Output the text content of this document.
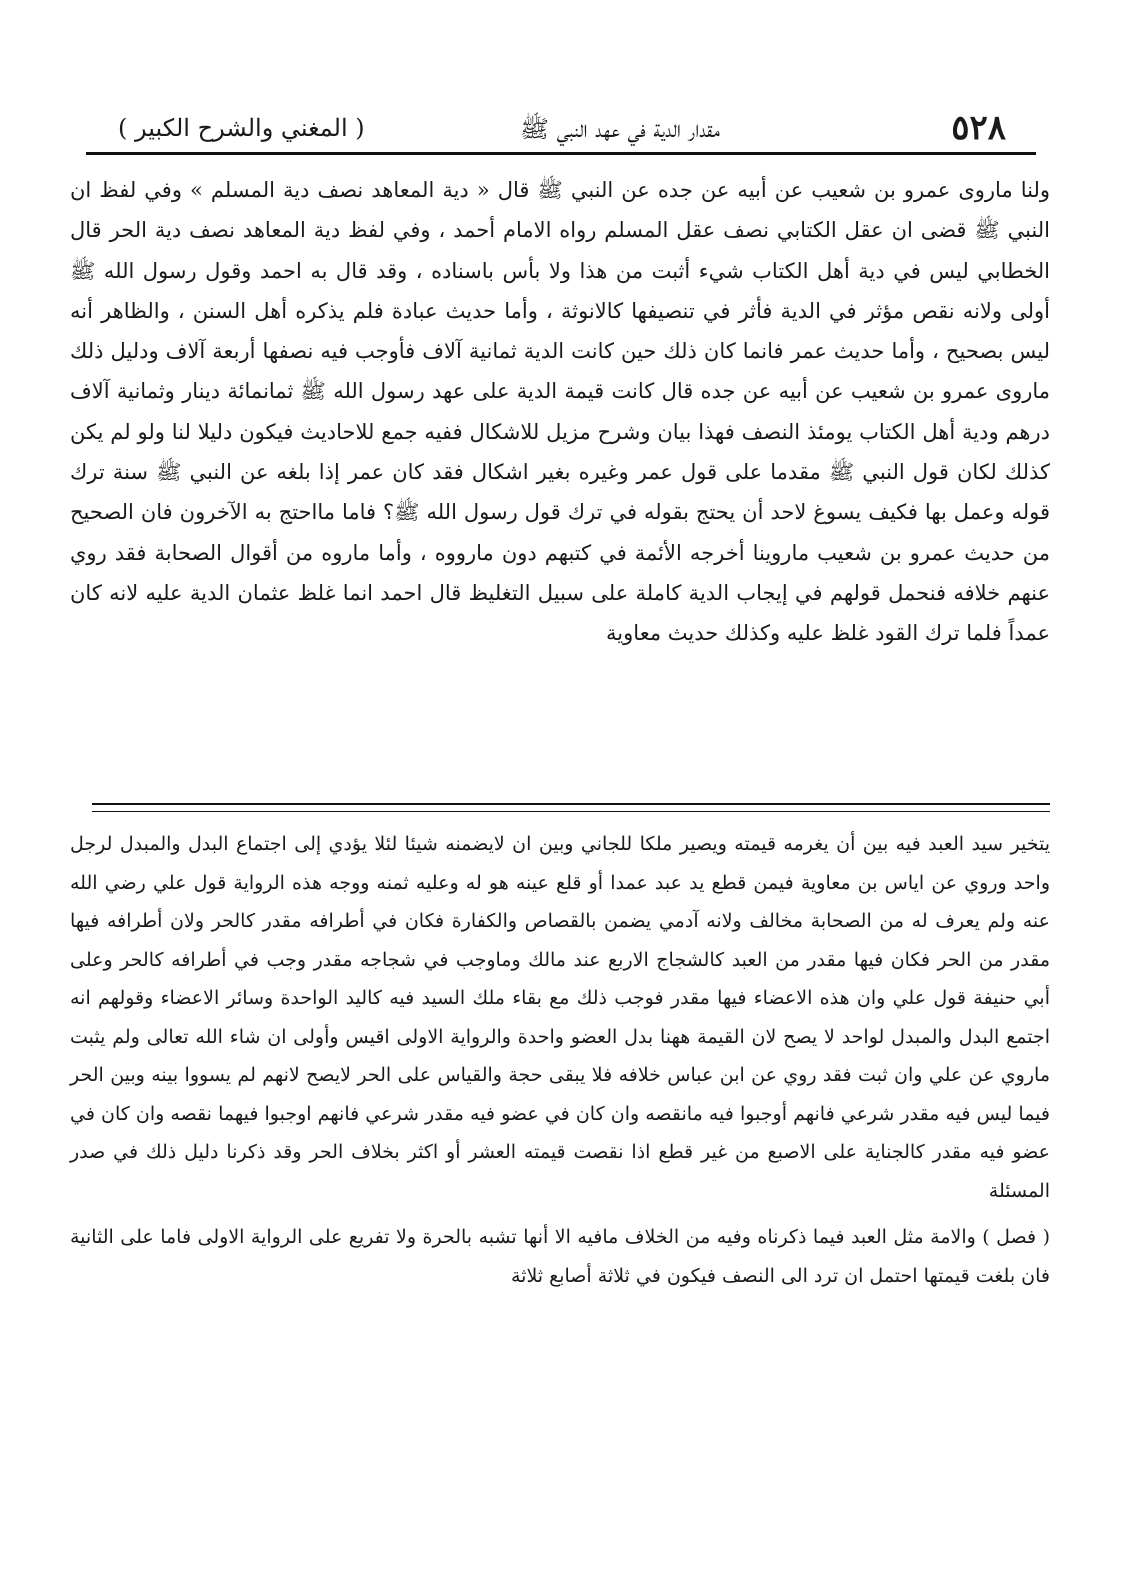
٥٢٨
مقدار الدية في عهد النبي ﷺ
( المغني والشرح الكبير )

ولنا ماروى عمرو بن شعيب عن أبيه عن جده عن النبي ﷺ قال « دية المعاهد نصف دية المسلم » وفي لفظ ان النبي ﷺ قضى ان عقل الكتابي نصف عقل المسلم رواه الامام أحمد ، وفي لفظ دية المعاهد نصف دية الحر قال الخطابي ليس في دية أهل الكتاب شيء أثبت من هذا ولا بأس باسناده ، وقد قال به احمد وقول رسول الله ﷺ أولى ولانه نقص مؤثر في الدية فأثر في تنصيفها كالانوثة ، وأما حديث عبادة فلم يذكره أهل السنن ، والظاهر أنه ليس بصحيح ، وأما حديث عمر فانما كان ذلك حين كانت الدية ثمانية آلاف فأوجب فيه نصفها أربعة آلاف ودليل ذلك ماروى عمرو بن شعيب عن أبيه عن جده قال كانت قيمة الدية على عهد رسول الله ﷺ ثمانمائة دينار وثمانية آلاف درهم ودية أهل الكتاب يومئذ النصف فهذا بيان وشرح مزيل للاشكال ففيه جمع للاحاديث فيكون دليلا لنا ولو لم يكن كذلك لكان قول النبي ﷺ مقدما على قول عمر وغيره بغير اشكال فقد كان عمر إذا بلغه عن النبي ﷺ سنة ترك قوله وعمل بها فكيف يسوغ لاحد أن يحتج بقوله في ترك قول رسول الله ﷺ؟ فاما مااحتج به الآخرون فان الصحيح من حديث عمرو بن شعيب ماروينا أخرجه الأئمة في كتبهم دون مارووه ، وأما ماروه من أقوال الصحابة فقد روي عنهم خلافه فنحمل قولهم في إيجاب الدية كاملة على سبيل التغليظ قال احمد انما غلظ عثمان الدية عليه لانه كان عمداً فلما ترك القود غلظ عليه وكذلك حديث معاوية

يتخير سيد العبد فيه بين أن يغرمه قيمته ويصير ملكا للجاني وبين ان لايضمنه شيئا لئلا يؤدي إلى اجتماع البدل والمبدل لرجل واحد وروي عن اياس بن معاوية فيمن قطع يد عبد عمدا أو قلع عينه هو له وعليه ثمنه ووجه هذه الرواية قول علي رضي الله عنه ولم يعرف له من الصحابة مخالف ولانه آدمي يضمن بالقصاص والكفارة فكان في أطرافه مقدر كالحر ولان أطرافه فيها مقدر من الحر فكان فيها مقدر من العبد كالشجاج الاربع عند مالك وماوجب في شجاجه مقدر وجب في أطرافه كالحر وعلى أبي حنيفة قول علي وان هذه الاعضاء فيها مقدر فوجب ذلك مع بقاء ملك السيد فيه كاليد الواحدة وسائر الاعضاء وقولهم انه اجتمع البدل والمبدل لواحد لا يصح لان القيمة ههنا بدل العضو واحدة والرواية الاولى اقيس وأولى ان شاء الله تعالى ولم يثبت ماروي عن علي وان ثبت فقد روي عن ابن عباس خلافه فلا يبقى حجة والقياس على الحر لايصح لانهم لم يسووا بينه وبين الحر فيما ليس فيه مقدر شرعي فانهم أوجبوا فيه مانقصه وان كان في عضو فيه مقدر شرعي فانهم اوجبوا فيهما نقصه وان كان في عضو فيه مقدر كالجناية على الاصبع من غير قطع اذا نقصت قيمته العشر أو اكثر بخلاف الحر وقد ذكرنا دليل ذلك في صدر المسئلة

( فصل ) والامة مثل العبد فيما ذكرناه وفيه من الخلاف مافيه الا أنها تشبه بالحرة ولا تفريع على الرواية الاولى فاما على الثانية فان بلغت قيمتها احتمل ان ترد الى النصف فيكون في ثلاثة أصابع ثلاثة
